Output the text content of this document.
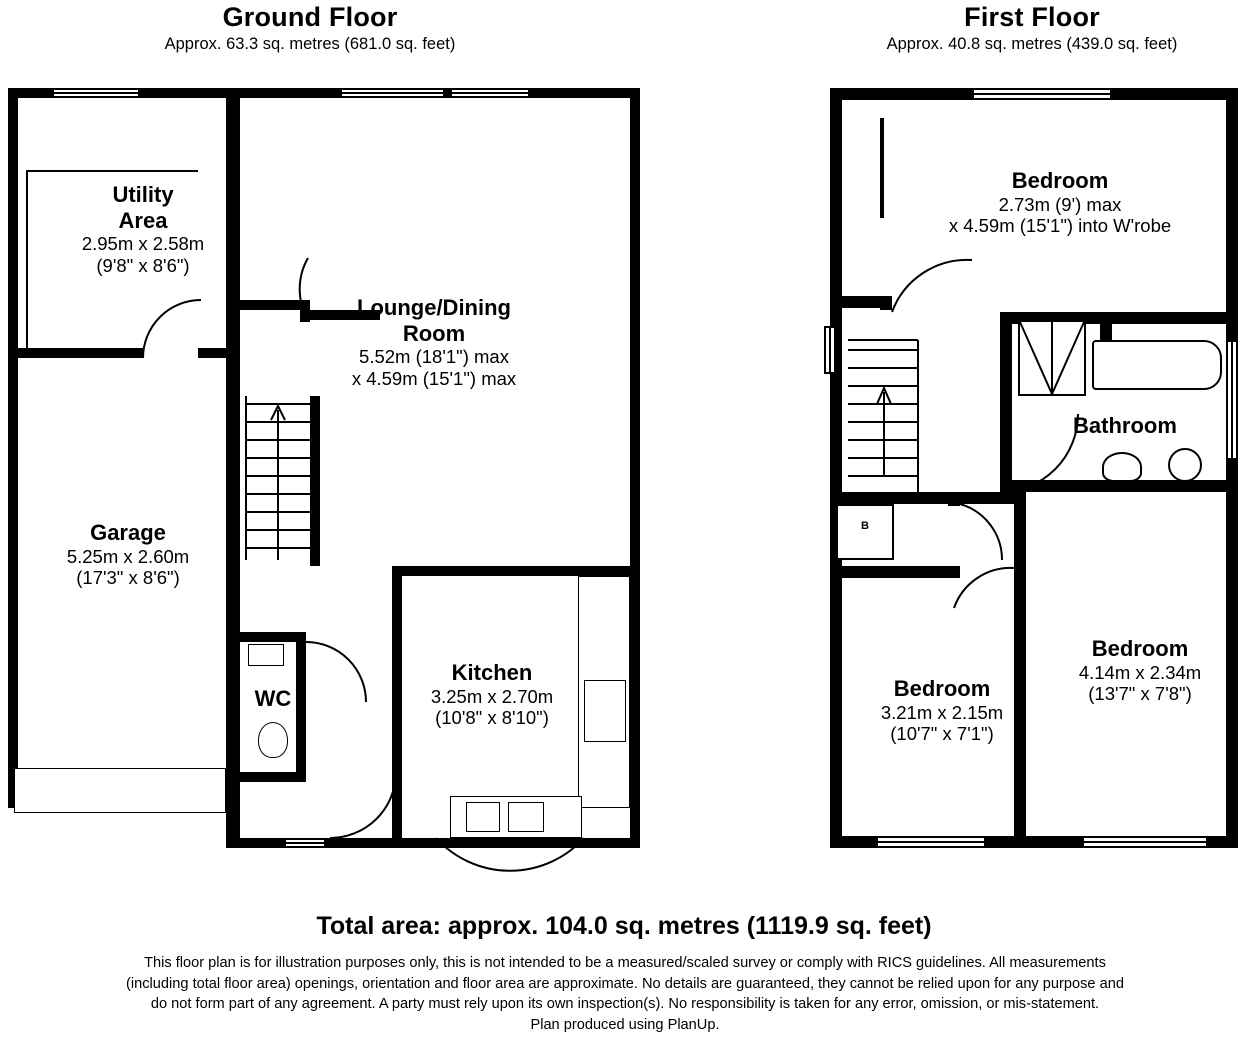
Ground Floor
Approx. 63.3 sq. metres (681.0 sq. feet)
First Floor
Approx. 40.8 sq. metres (439.0 sq. feet)
Utility
Area
2.95m x 2.58m
(9'8" x 8'6")
Lounge/Dining
Room
5.52m (18'1") max
x 4.59m (15'1") max
Garage
5.25m x 2.60m
(17'3" x 8'6")
WC
Kitchen
3.25m x 2.70m
(10'8" x 8'10")
B
Bedroom
2.73m (9') max
x 4.59m (15'1") into W'robe
Bathroom
Bedroom
4.14m x 2.34m
(13'7" x 7'8")
Bedroom
3.21m x 2.15m
(10'7" x 7'1")
Total area: approx. 104.0 sq. metres (1119.9 sq. feet)
This floor plan is for illustration purposes only, this is not intended to be a measured/scaled survey or comply with RICS guidelines. All measurements (including total floor area) openings, orientation and floor area are approximate. No details are guaranteed, they cannot be relied upon for any purpose and do not form part of any agreement. A party must rely upon its own inspection(s). No responsibility is taken for any error, omission, or mis-statement.
Plan produced using PlanUp.
